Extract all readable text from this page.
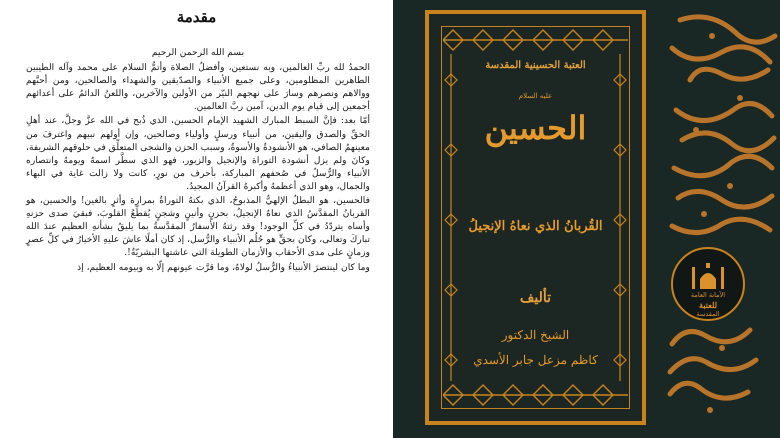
مقدمة

بسم الله الرحمن الرحيم

الحمدُ لله ربِّ العالمين، وبه نستعين، وأفضلُ الصلاة وأتمُّ السلام على محمد وآله الطيبين الطاهرين المظلومين، وعلى جميع الأنبياء والصدّيقين والشهداء والصالحين، ومن أحبَّهم ووالاهم ونصرهم وسارَ على نهجهم النيّر من الأولين والآخرين، واللعنُ الدائمُ على أعدائهم أجمعين إلى قيام يوم الدين، آمين ربَّ العالمين.

أمّا بعد: فإنَّ السبط المبارك الشهيد الإمام الحسين، الذي ذُبح في الله عزَّ وجلَّ، عند أهلِ الحقِّ والصدق واليقين، من أنبياء ورسلٍ وأولياء وصالحين، وإن أولهم نبيهم واغترفَ من معينهمُ الصافي، هو الأنشودةُ والأسوةُ، وسبب الحزن والشجى المتعلِّق في حلوقهم الشريفة، وكانَ ولم يزل أنشودة التوراة والإنجيل والزبور، فهو الذي سطَّر اسمهُ ويومهُ وانتصاره الأنبياء والرُّسلُ في صُحفهم المباركة، بأحرف من نورٍ، كانت ولا زالت غاية في البهاء والجمال، وهو الذي أعظمهُ وأكبرهُ القرآنُ المجيدُ.

فالحسين، هو البطلُ الإلهيُّ المذبوحُ، الذي بكتهُ التوراةُ بمرارة وأثرٍ بالغين! والحسين، هو القربانُ المقدَّسُ الذي نعاهُ الإنجيلُ، بحزنٍ وأنينٍ وشجنٍ يُقطِّعُ القلوبَ، فبقيَ صدى حزنهِ وأساه يتردّدُ في كلِّ الوجود! وقد رثتهُ الأسفارُ المقدَّسةُ بما يليقُ بشأنهِ العظيم عندَ الله تباركَ وتعالى، وكان بحقٍّ هو حُلُم الأنبياء والرُّسل، إذ كان أملًا عاشَ عليهِ الأخيارُ في كلِّ عصرٍ وزمانٍ على مدى الأحقاب والأزمان الطويلة التي عاشتها البشريّةُ!.

وما كان لينتصرَ الأنبياءُ والرُّسلُ لولاهُ، وما قرَّت عيونهم إلّا به وبيومه العظيم، إذ

العتبة الحسينية المقدسة
عليه السلام
الحسين
القُربانُ الذي نعاهُ الإنجيلُ
تأليف
الشيخ الدكتور
كاظم مزعل جابر الأسدي
الأمانة العامة
للعتبة
المقدسة
